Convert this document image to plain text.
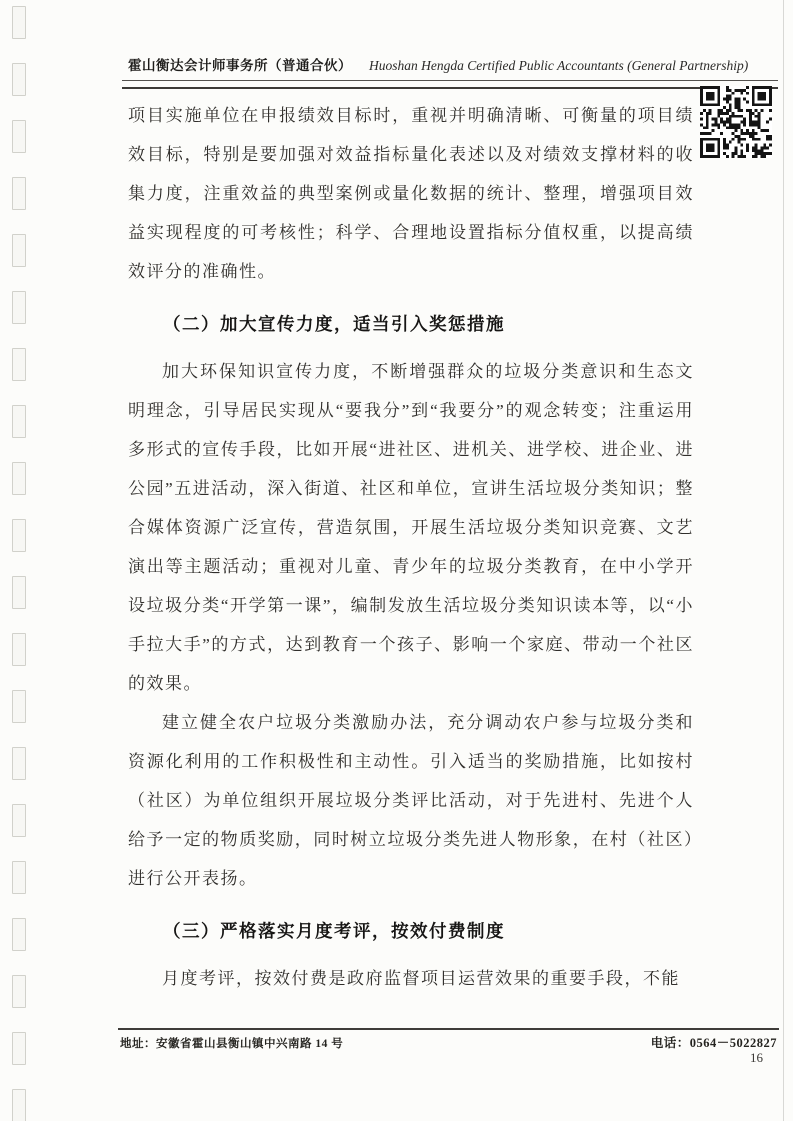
霍山衡达会计师事务所（普通合伙） Huoshan Hengda Certified Public Accountants (General Partnership)

项目实施单位在申报绩效目标时，重视并明确清晰、可衡量的项目绩效目标，特别是要加强对效益指标量化表述以及对绩效支撑材料的收集力度，注重效益的典型案例或量化数据的统计、整理，增强项目效益实现程度的可考核性；科学、合理地设置指标分值权重，以提高绩效评分的准确性。

（二）加大宣传力度，适当引入奖惩措施

加大环保知识宣传力度，不断增强群众的垃圾分类意识和生态文明理念，引导居民实现从“要我分”到“我要分”的观念转变；注重运用多形式的宣传手段，比如开展“进社区、进机关、进学校、进企业、进公园”五进活动，深入街道、社区和单位，宣讲生活垃圾分类知识；整合媒体资源广泛宣传，营造氛围，开展生活垃圾分类知识竞赛、文艺演出等主题活动；重视对儿童、青少年的垃圾分类教育，在中小学开设垃圾分类“开学第一课”，编制发放生活垃圾分类知识读本等，以“小手拉大手”的方式，达到教育一个孩子、影响一个家庭、带动一个社区的效果。

建立健全农户垃圾分类激励办法，充分调动农户参与垃圾分类和资源化利用的工作积极性和主动性。引入适当的奖励措施，比如按村（社区）为单位组织开展垃圾分类评比活动，对于先进村、先进个人给予一定的物质奖励，同时树立垃圾分类先进人物形象，在村（社区）进行公开表扬。

（三）严格落实月度考评，按效付费制度

月度考评，按效付费是政府监督项目运营效果的重要手段，不能

地址：安徽省霍山县衡山镇中兴南路 14 号	电话：0564－5022827
16
